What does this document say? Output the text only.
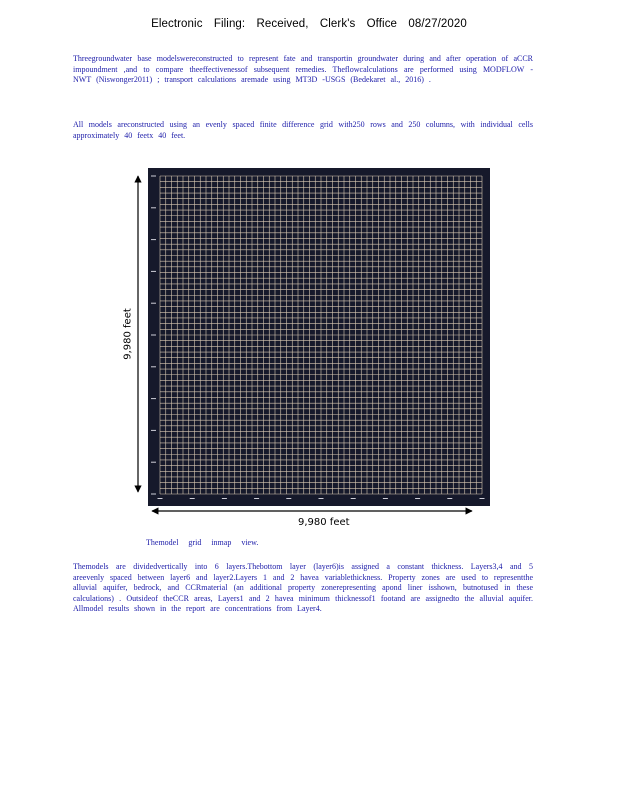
Electronic Filing: Received, Clerk's Office 08/27/2020
Threegroundwater base modelswereconstructed to represent fate and transportin groundwater during and after operation of aCCR impoundment ,and to compare theeffectivenessof subsequent remedies. Theflowcalculations are performed using MODFLOW -NWT (Niswonger2011) ; transport calculations aremade using MT3D -USGS (Bedekaret al., 2016) .
All models areconstructed using an evenly spaced finite difference grid with250 rows and 250 columns, with individual cells approximately 40 feetx 40 feet.
9,980 feet
9,980 feet
Themodel grid inmap view.
Themodels are dividedvertically into 6 layers.Thebottom layer (layer6)is assigned a constant thickness. Layers3,4 and 5 areevenly spaced between layer6 and layer2.Layers 1 and 2 havea variablethickness. Property zones are used to representthe alluvial aquifer, bedrock, and CCRmaterial (an additional property zonerepresenting apond liner isshown, butnotused in these calculations) . Outsideof theCCR areas, Layers1 and 2 havea minimum thicknessof1 footand are assignedto the alluvial aquifer. Allmodel results shown in the report are concentrations from Layer4.
